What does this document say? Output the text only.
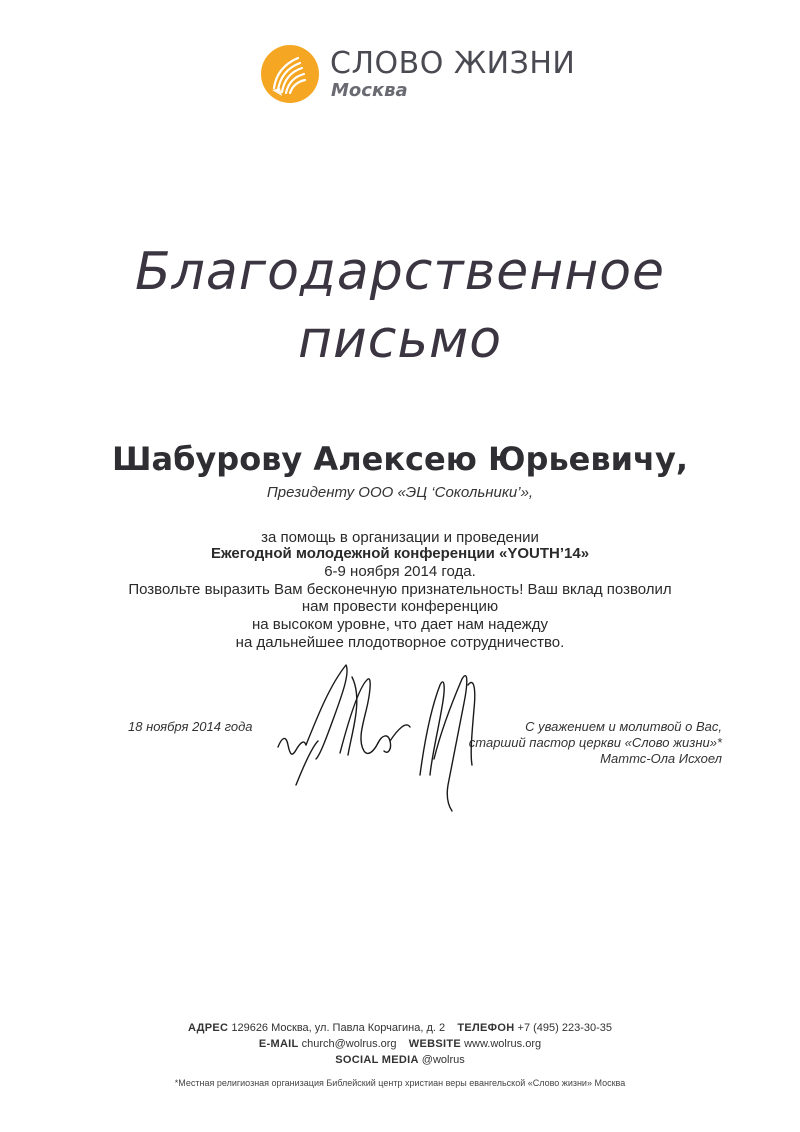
СЛОВО ЖИЗНИ
Москва
Благодарственное
письмо
Шабурову Алексею Юрьевичу,
Президенту ООО «ЭЦ ‘Сокольники’»,
за помощь в организации и проведении
Ежегодной молодежной конференции «YOUTH’14»
6-9 ноября 2014 года.
Позвольте выразить Вам бесконечную признательность! Ваш вклад позволил
нам провести конференцию
на высоком уровне, что дает нам надежду
на дальнейшее плодотворное сотрудничество.
18 ноября 2014 года	С уважением и молитвой о Вас,
старший пастор церкви «Слово жизни»*
Маттс-Ола Исхоел
АДРЕС 129626 Москва, ул. Павла Корчагина, д. 2 ТЕЛЕФОН +7 (495) 223-30-35
E-MAIL church@wolrus.org WEBSITE www.wolrus.org
SOCIAL MEDIA @wolrus
*Местная религиозная организация Библейский центр христиан веры евангельской «Слово жизни» Москва
